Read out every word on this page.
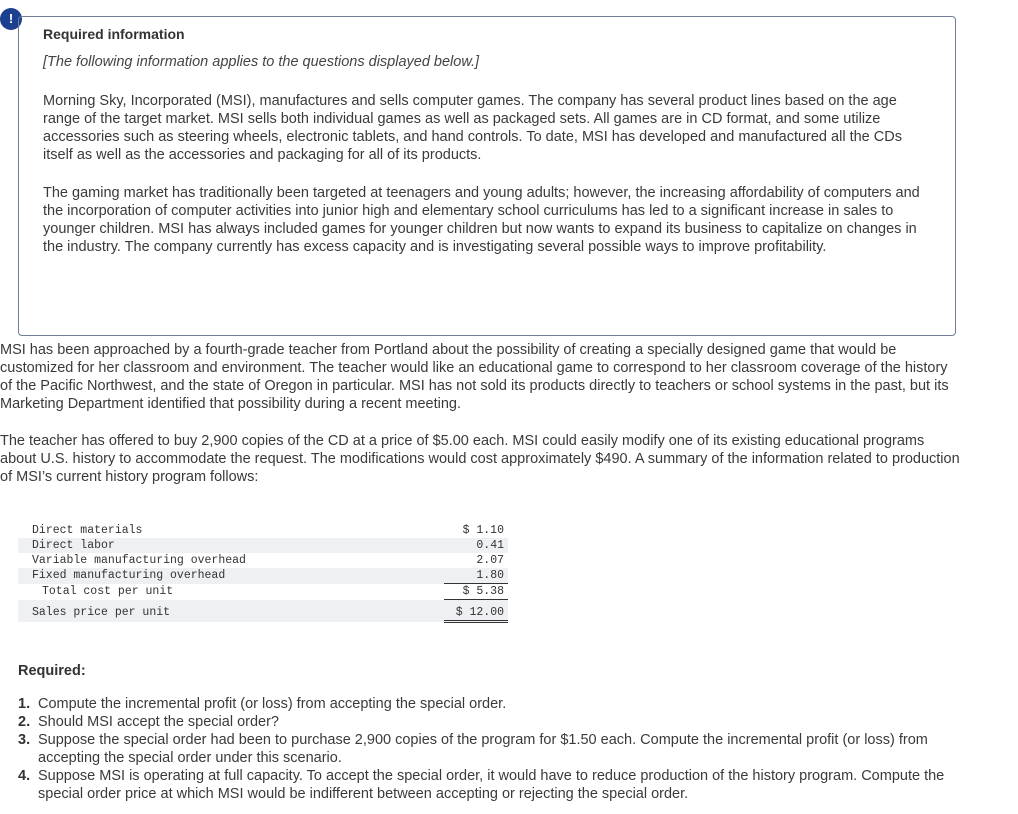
!
Required information
[The following information applies to the questions displayed below.]

Morning Sky, Incorporated (MSI), manufactures and sells computer games. The company has several product lines based on the age range of the target market. MSI sells both individual games as well as packaged sets. All games are in CD format, and some utilize accessories such as steering wheels, electronic tablets, and hand controls. To date, MSI has developed and manufactured all the CDs itself as well as the accessories and packaging for all of its products.

The gaming market has traditionally been targeted at teenagers and young adults; however, the increasing affordability of computers and the incorporation of computer activities into junior high and elementary school curriculums has led to a significant increase in sales to younger children. MSI has always included games for younger children but now wants to expand its business to capitalize on changes in the industry. The company currently has excess capacity and is investigating several possible ways to improve profitability.

MSI has been approached by a fourth-grade teacher from Portland about the possibility of creating a specially designed game that would be customized for her classroom and environment. The teacher would like an educational game to correspond to her classroom coverage of the history of the Pacific Northwest, and the state of Oregon in particular. MSI has not sold its products directly to teachers or school systems in the past, but its Marketing Department identified that possibility during a recent meeting.

The teacher has offered to buy 2,900 copies of the CD at a price of $5.00 each. MSI could easily modify one of its existing educational programs about U.S. history to accommodate the request. The modifications would cost approximately $490. A summary of the information related to production of MSI’s current history program follows:

Direct materials	$ 1.10
Direct labor	0.41
Variable manufacturing overhead	2.07
Fixed manufacturing overhead	1.80
Total cost per unit	$ 5.38
Sales price per unit	$ 12.00
Required:
1. Compute the incremental profit (or loss) from accepting the special order.
2. Should MSI accept the special order?
3. Suppose the special order had been to purchase 2,900 copies of the program for $1.50 each. Compute the incremental profit (or loss) from accepting the special order under this scenario.
4. Suppose MSI is operating at full capacity. To accept the special order, it would have to reduce production of the history program. Compute the special order price at which MSI would be indifferent between accepting or rejecting the special order.
